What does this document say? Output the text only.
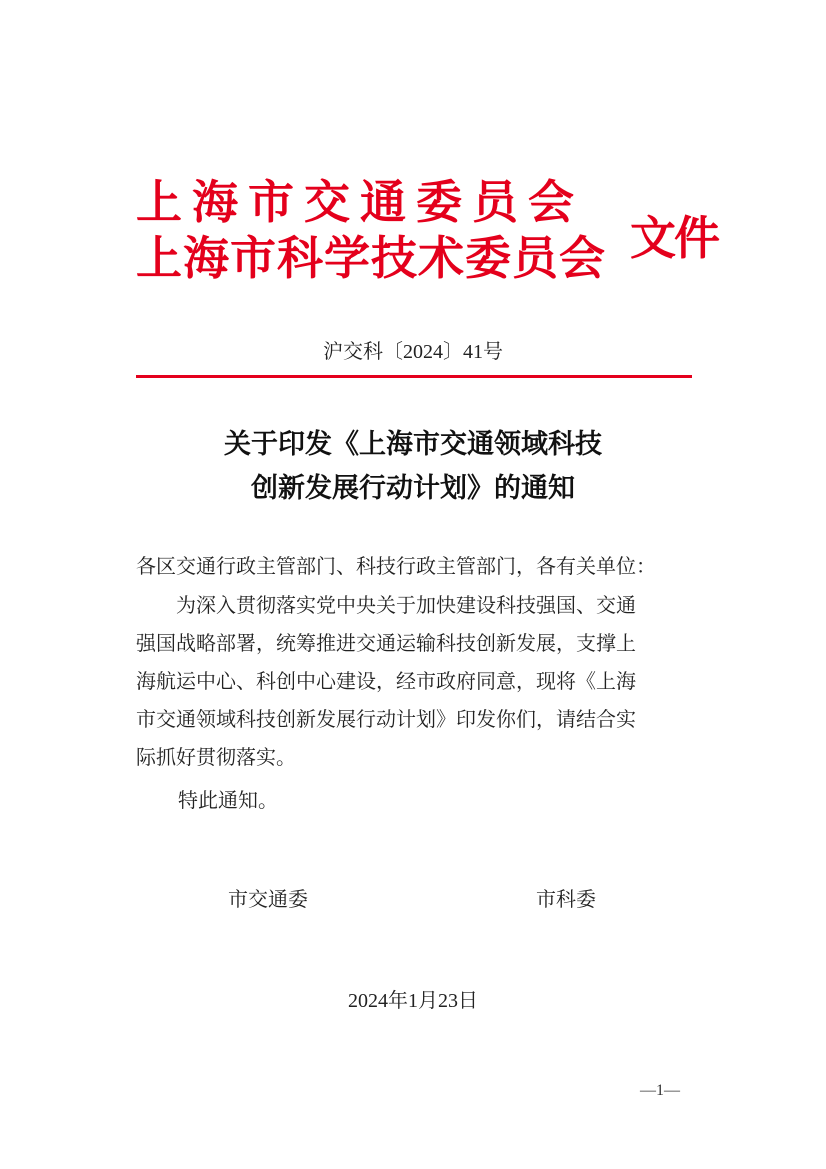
上海市交通委员会
上海市科学技术委员会 文件
沪交科〔2024〕41号
关于印发《上海市交通领域科技
创新发展行动计划》的通知
各区交通行政主管部门、科技行政主管部门，各有关单位：
　　为深入贯彻落实党中央关于加快建设科技强国、交通
强国战略部署，统筹推进交通运输科技创新发展，支撑上
海航运中心、科创中心建设，经市政府同意，现将《上海
市交通领域科技创新发展行动计划》印发你们，请结合实
际抓好贯彻落实。
特此通知。
市交通委	市科委
2024年1月23日
—1—
